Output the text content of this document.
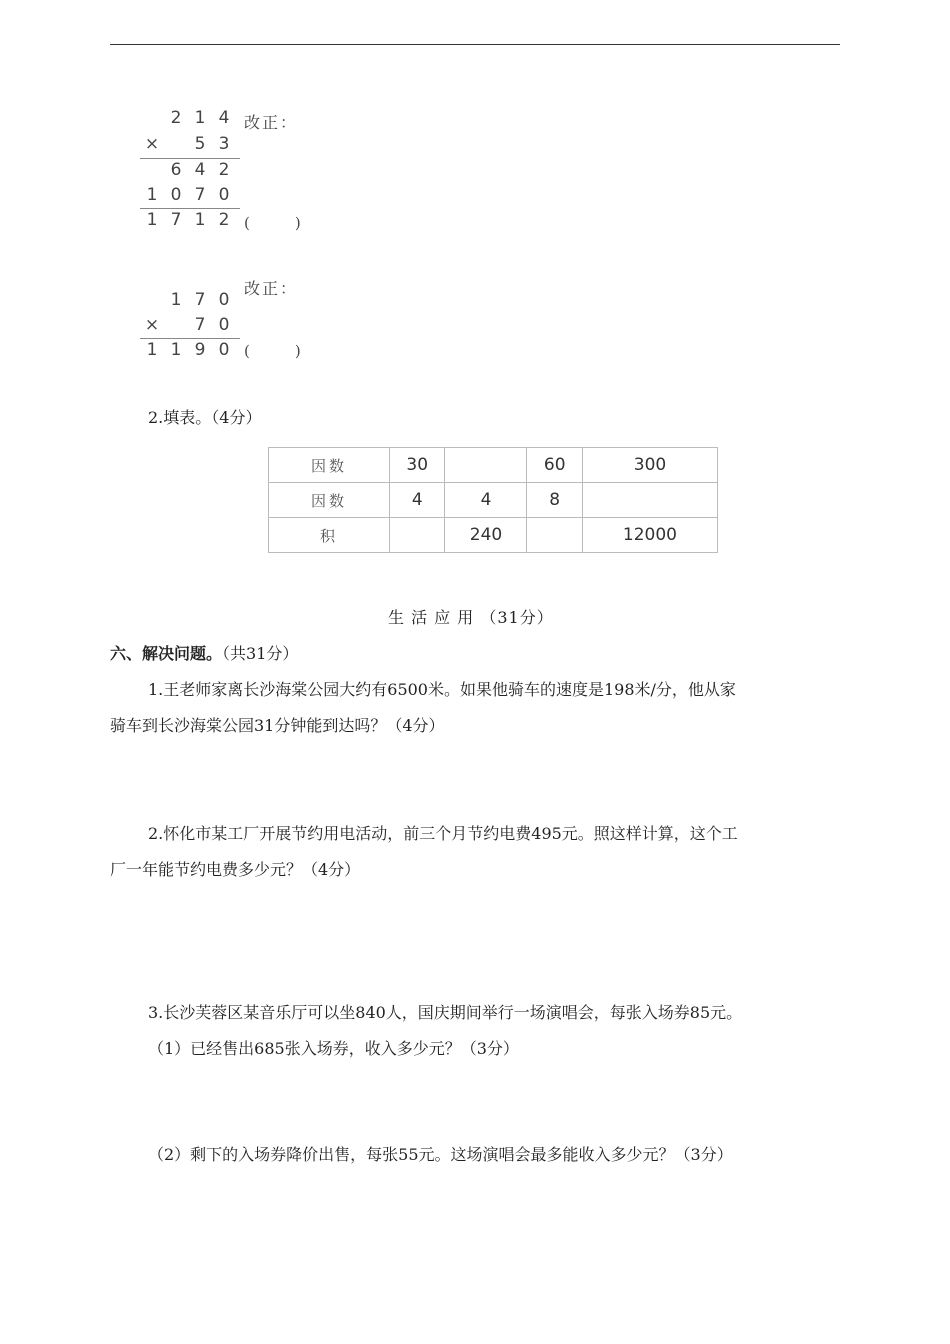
2 1 4
× 5 3
6 4 2
1 0 7 0
1 7 1 2
改正：
(　　　)
1 7 0
× 7 0
1 1 9 0
改正：
(　　　)
2.填表。（4分）
因数	30		60	300
因数	4	4	8	
积		240		12000
生 活 应 用 （31分）
六、解决问题。（共31分）
1.王老师家离长沙海棠公园大约有6500米。如果他骑车的速度是198米/分，他从家
骑车到长沙海棠公园31分钟能到达吗？（4分）
2.怀化市某工厂开展节约用电活动，前三个月节约电费495元。照这样计算，这个工
厂一年能节约电费多少元？（4分）
3.长沙芙蓉区某音乐厅可以坐840人，国庆期间举行一场演唱会，每张入场券85元。
（1）已经售出685张入场券，收入多少元？（3分）
（2）剩下的入场券降价出售，每张55元。这场演唱会最多能收入多少元？（3分）
